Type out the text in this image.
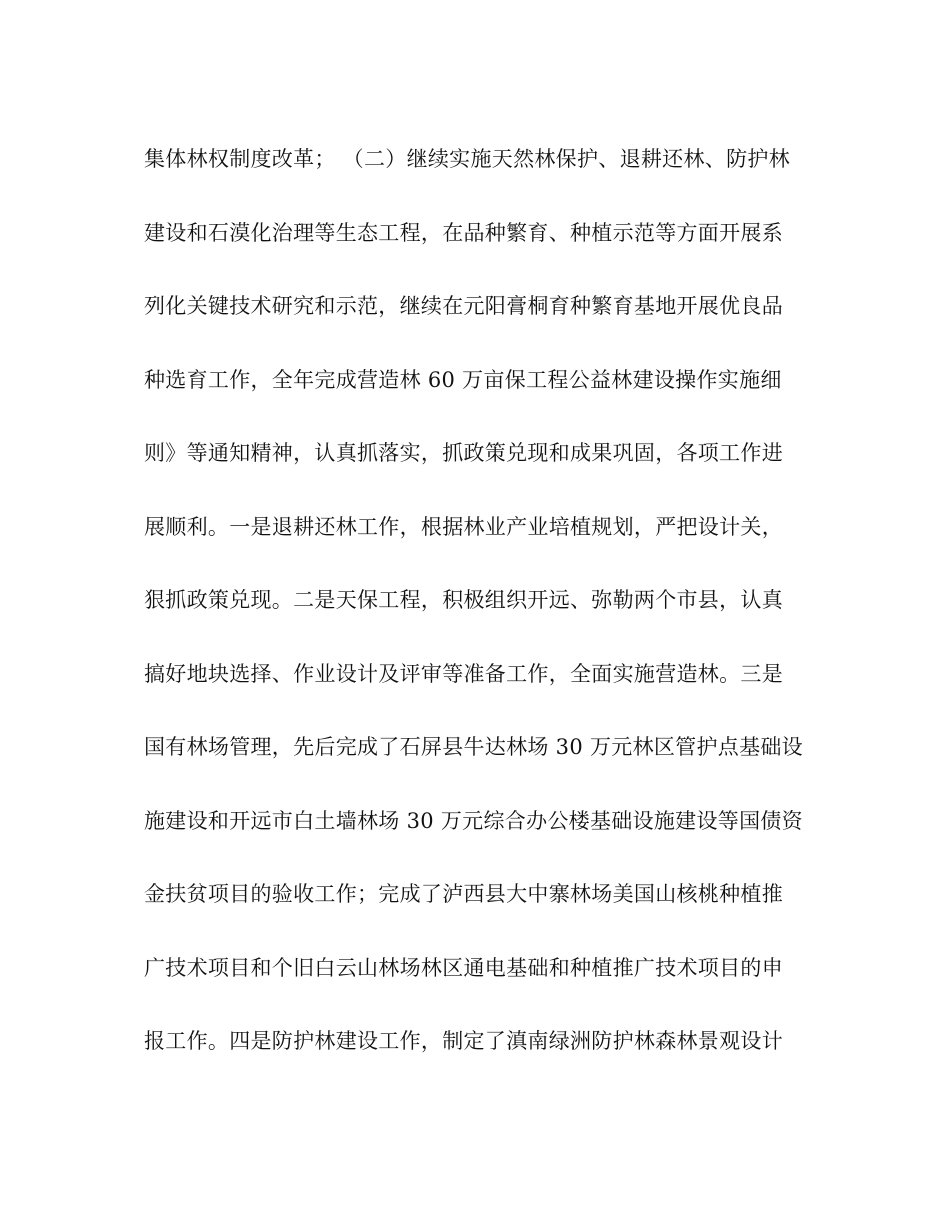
集体林权制度改革； （二）继续实施天然林保护、退耕还林、防护林
建设和石漠化治理等生态工程，在品种繁育、种植示范等方面开展系
列化关键技术研究和示范，继续在元阳膏桐育种繁育基地开展优良品
种选育工作，全年完成营造林 60 万亩保工程公益林建设操作实施细
则》等通知精神，认真抓落实，抓政策兑现和成果巩固，各项工作进
展顺利。一是退耕还林工作，根据林业产业培植规划，严把设计关，
狠抓政策兑现。二是天保工程，积极组织开远、弥勒两个市县，认真
搞好地块选择、作业设计及评审等准备工作，全面实施营造林。三是
国有林场管理，先后完成了石屏县牛达林场 30 万元林区管护点基础设
施建设和开远市白土墙林场 30 万元综合办公楼基础设施建设等国债资
金扶贫项目的验收工作；完成了泸西县大中寨林场美国山核桃种植推
广技术项目和个旧白云山林场林区通电基础和种植推广技术项目的申
报工作。四是防护林建设工作，制定了滇南绿洲防护林森林景观设计
